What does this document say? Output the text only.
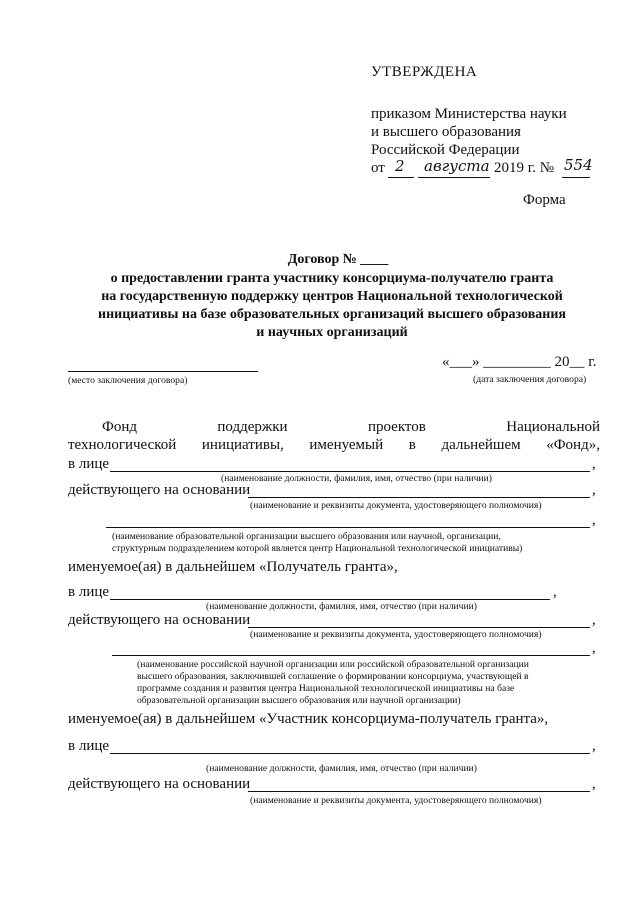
УТВЕРЖДЕНА
приказом Министерства науки
и высшего образования
Российской Федерации
от 2 августа 2019 г. № 554
Форма
Договор № ____
о предоставлении гранта участнику консорциума-получателю гранта
на государственную поддержку центров Национальной технологической
инициативы на базе образовательных организаций высшего образования
и научных организаций
(место заключения договора)
«___» _________ 20__ г.
(дата заключения договора)
Фонд	поддержки	проектов	Национальной
технологической инициативы, именуемый в дальнейшем «Фонд»,
в лице	,
(наименование должности, фамилия, имя, отчество (при наличии)
действующего на основании	,
(наименование и реквизиты документа, удостоверяющего полномочия)
,
(наименование образовательной организации высшего образования или научной, организации,
структурным подразделением которой является центр Национальной технологической инициативы)
именуемое(ая) в дальнейшем «Получатель гранта»,
в лице	,
(наименование должности, фамилия, имя, отчество (при наличии)
действующего на основании	,
(наименование и реквизиты документа, удостоверяющего полномочия)
,
(наименование российской научной организации или российской образовательной организации
высшего образования, заключившей соглашение о формировании консорциума, участвующей в
программе создания и развития центра Национальной технологической инициативы на базе
образовательной организации высшего образования или научной организации)
именуемое(ая) в дальнейшем «Участник консорциума-получатель гранта»,
в лице	,
(наименование должности, фамилия, имя, отчество (при наличии)
действующего на основании	,
(наименование и реквизиты документа, удостоверяющего полномочия)
